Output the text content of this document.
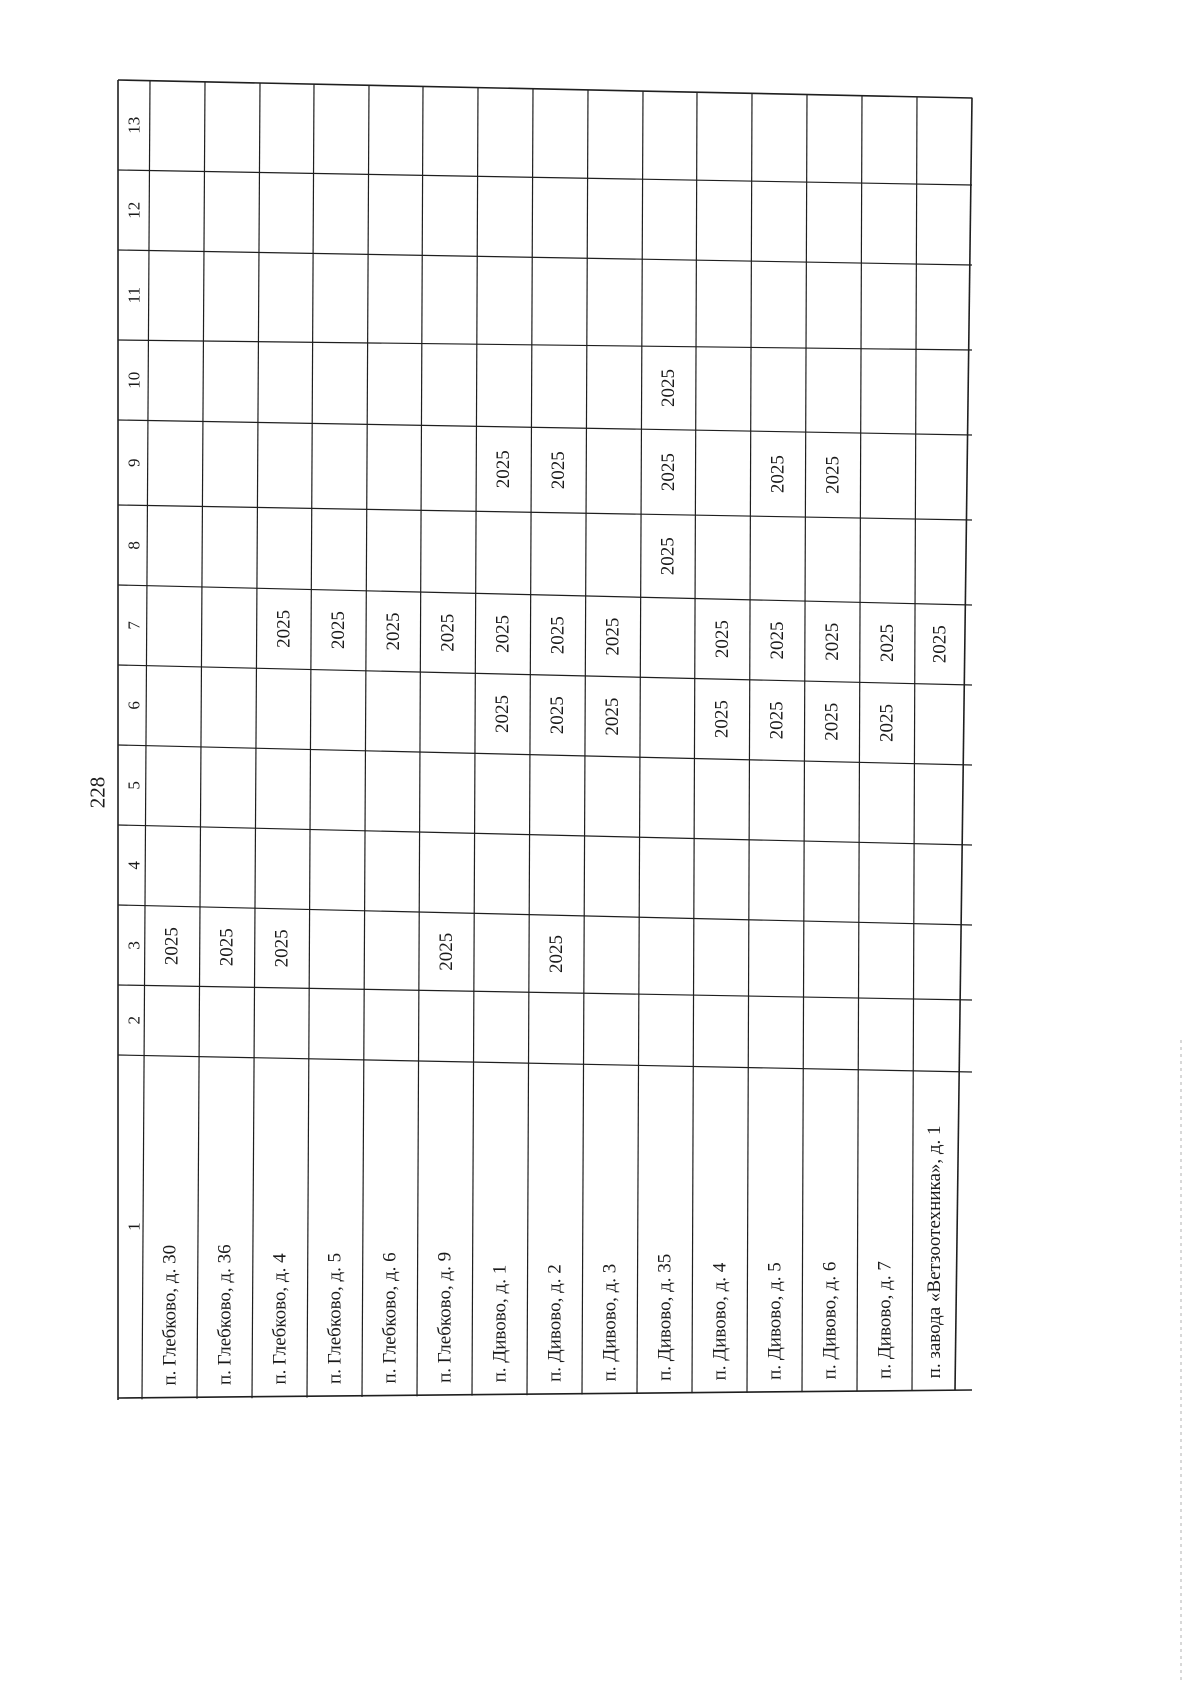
228
1
2
3
4
5
6
7
8
9
10
11
12
13
п. Глебково, д. 30
2025
п. Глебково, д. 36
2025
п. Глебково, д. 4
2025
2025
п. Глебково, д. 5
2025
п. Глебково, д. 6
2025
п. Глебково, д. 9
2025
2025
п. Дивово, д. 1
2025
2025
2025
п. Дивово, д. 2
2025
2025
2025
2025
п. Дивово, д. 3
2025
2025
п. Дивово, д. 35
2025
2025
2025
п. Дивово, д. 4
2025
2025
п. Дивово, д. 5
2025
2025
2025
п. Дивово, д. 6
2025
2025
2025
п. Дивово, д. 7
2025
2025
п. завода «Ветзоотехника», д. 1
2025
